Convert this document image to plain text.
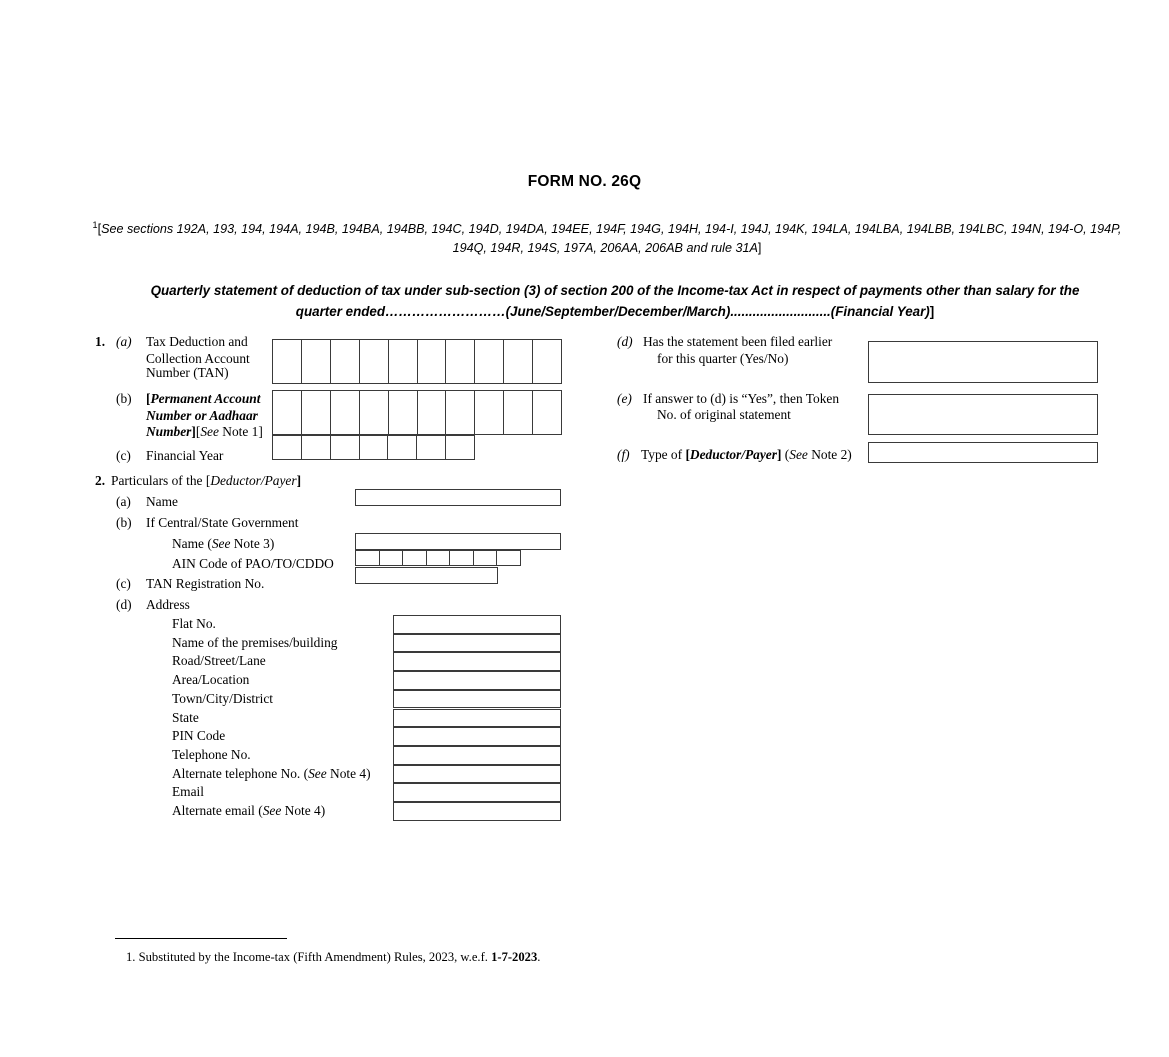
FORM NO. 26Q
$^1$[See sections 192A, 193, 194, 194A, 194B, 194BA, 194BB, 194C, 194D, 194DA, 194EE, 194F, 194G, 194H, 194-I, 194J, 194K, 194LA, 194LBA, 194LBB, 194LBC, 194N, 194-O, 194P, 194Q, 194R, 194S, 197A, 206AA, 206AB and rule 31A]
Quarterly statement of deduction of tax under sub-section (3) of section 200 of the Income-tax Act in respect of payments other than salary for the quarter ended………………………(June/September/December/March)...........................(Financial Year)]
1. (a) Tax Deduction and
Collection Account
Number (TAN)
(b) [Permanent Account
Number or Aadhaar
Number][See Note 1]
(c) Financial Year
(d) Has the statement been filed earlier
for this quarter (Yes/No)
(e) If answer to (d) is “Yes”, then Token
No. of original statement
(f) Type of [Deductor/Payer] (See Note 2)
2. Particulars of the [Deductor/Payer]
(a) Name
(b) If Central/State Government
Name (See Note 3)
AIN Code of PAO/TO/CDDO
(c) TAN Registration No.
(d) Address
Flat No.
Name of the premises/building
Road/Street/Lane
Area/Location
Town/City/District
State
PIN Code
Telephone No.
Alternate telephone No. (See Note 4)
Email
Alternate email (See Note 4)
1. Substituted by the Income-tax (Fifth Amendment) Rules, 2023, w.e.f. 1-7-2023.
